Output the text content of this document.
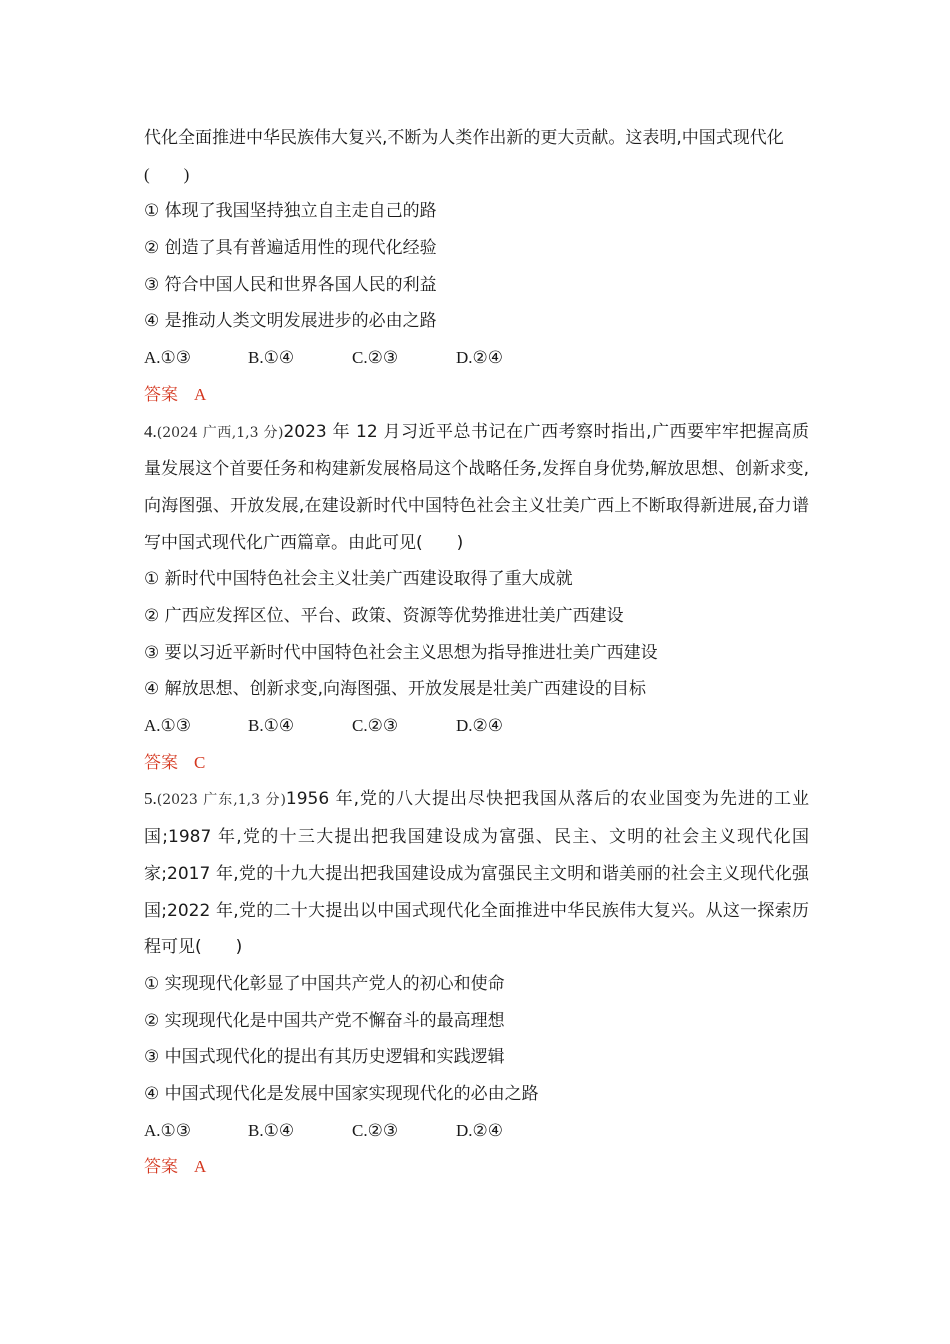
代化全面推进中华民族伟大复兴,不断为人类作出新的更大贡献。这表明,中国式现代化
(  )
① 体现了我国坚持独立自主走自己的路
② 创造了具有普遍适用性的现代化经验
③ 符合中国人民和世界各国人民的利益
④ 是推动人类文明发展进步的必由之路
A.①③	B.①④	C.②③	D.②④
答案 A
4.(2024 广西,1,3 分)2023 年 12 月习近平总书记在广西考察时指出,广西要牢牢把握高质量发展这个首要任务和构建新发展格局这个战略任务,发挥自身优势,解放思想、创新求变,向海图强、开放发展,在建设新时代中国特色社会主义壮美广西上不断取得新进展,奋力谱写中国式现代化广西篇章。由此可见(  )
① 新时代中国特色社会主义壮美广西建设取得了重大成就
② 广西应发挥区位、平台、政策、资源等优势推进壮美广西建设
③ 要以习近平新时代中国特色社会主义思想为指导推进壮美广西建设
④ 解放思想、创新求变,向海图强、开放发展是壮美广西建设的目标
A.①③	B.①④	C.②③	D.②④
答案 C
5.(2023 广东,1,3 分)1956 年,党的八大提出尽快把我国从落后的农业国变为先进的工业国;1987 年,党的十三大提出把我国建设成为富强、民主、文明的社会主义现代化国家;2017 年,党的十九大提出把我国建设成为富强民主文明和谐美丽的社会主义现代化强国;2022 年,党的二十大提出以中国式现代化全面推进中华民族伟大复兴。从这一探索历程可见(  )
① 实现现代化彰显了中国共产党人的初心和使命
② 实现现代化是中国共产党不懈奋斗的最高理想
③ 中国式现代化的提出有其历史逻辑和实践逻辑
④ 中国式现代化是发展中国家实现现代化的必由之路
A.①③	B.①④	C.②③	D.②④
答案 A
